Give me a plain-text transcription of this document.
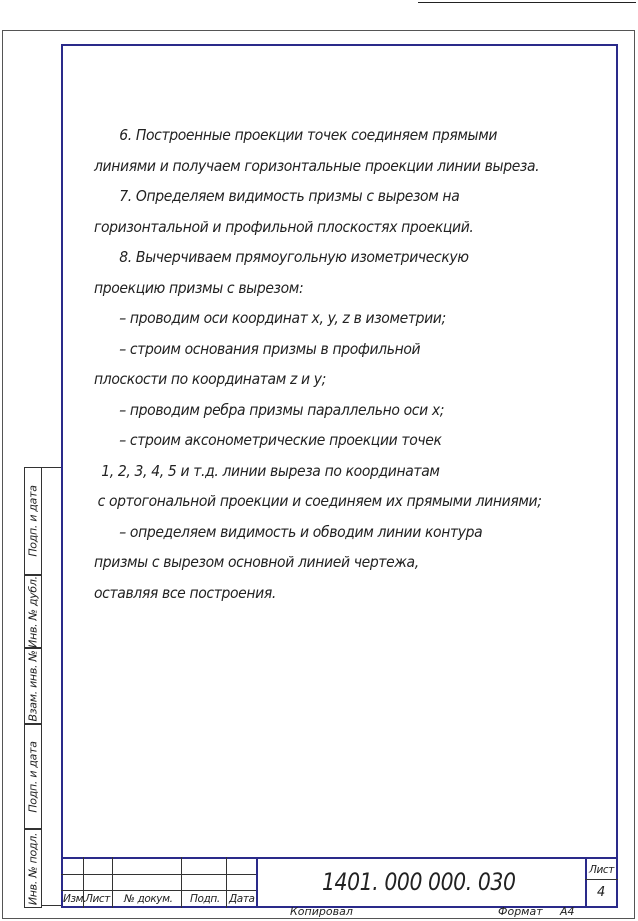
6. Построенные проекции точек соединяем прямыми

линиями и получаем горизонтальные проекции линии выреза.

7. Определяем видимость призмы с вырезом на

горизонтальной и профильной плоскостях проекций.

8. Вычерчиваем прямоугольную изометрическую

проекцию призмы с вырезом:

– проводим оси координат x, y, z в изометрии;

– строим основания призмы в профильной

плоскости по координатам z и y;

– проводим ребра призмы параллельно оси x;

– строим аксонометрические проекции точек

1, 2, 3, 4, 5 и т.д. линии выреза по координатам

с ортогональной проекции и соединяем их прямыми линиями;

– определяем видимость и обводим линии контура

призмы с вырезом основной линией чертежа,

оставляя все построения.

Подп. и дата
Инв. № дубл.
Взам. инв. №
Подп. и дата
Инв. № подл. Изм.
Лист № докум. Подп. Дата
1401. 000 000. 030	Лист
4
Копировал	Формат А4
